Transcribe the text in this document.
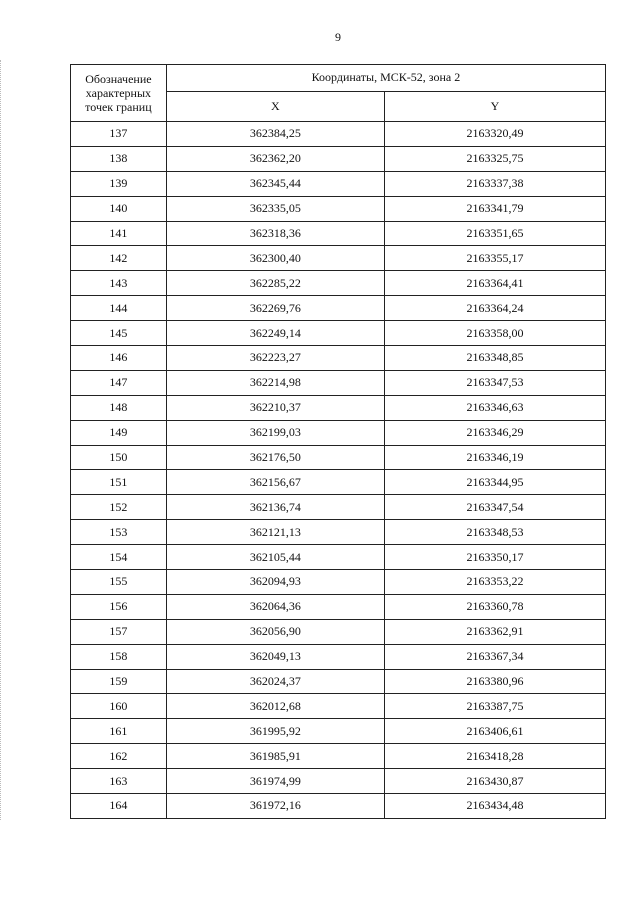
9
Обозначение характерных точек границ	Координаты, МСК-52, зона 2	
	X	Y
137	362384,25	2163320,49
138	362362,20	2163325,75
139	362345,44	2163337,38
140	362335,05	2163341,79
141	362318,36	2163351,65
142	362300,40	2163355,17
143	362285,22	2163364,41
144	362269,76	2163364,24
145	362249,14	2163358,00
146	362223,27	2163348,85
147	362214,98	2163347,53
148	362210,37	2163346,63
149	362199,03	2163346,29
150	362176,50	2163346,19
151	362156,67	2163344,95
152	362136,74	2163347,54
153	362121,13	2163348,53
154	362105,44	2163350,17
155	362094,93	2163353,22
156	362064,36	2163360,78
157	362056,90	2163362,91
158	362049,13	2163367,34
159	362024,37	2163380,96
160	362012,68	2163387,75
161	361995,92	2163406,61
162	361985,91	2163418,28
163	361974,99	2163430,87
164	361972,16	2163434,48
